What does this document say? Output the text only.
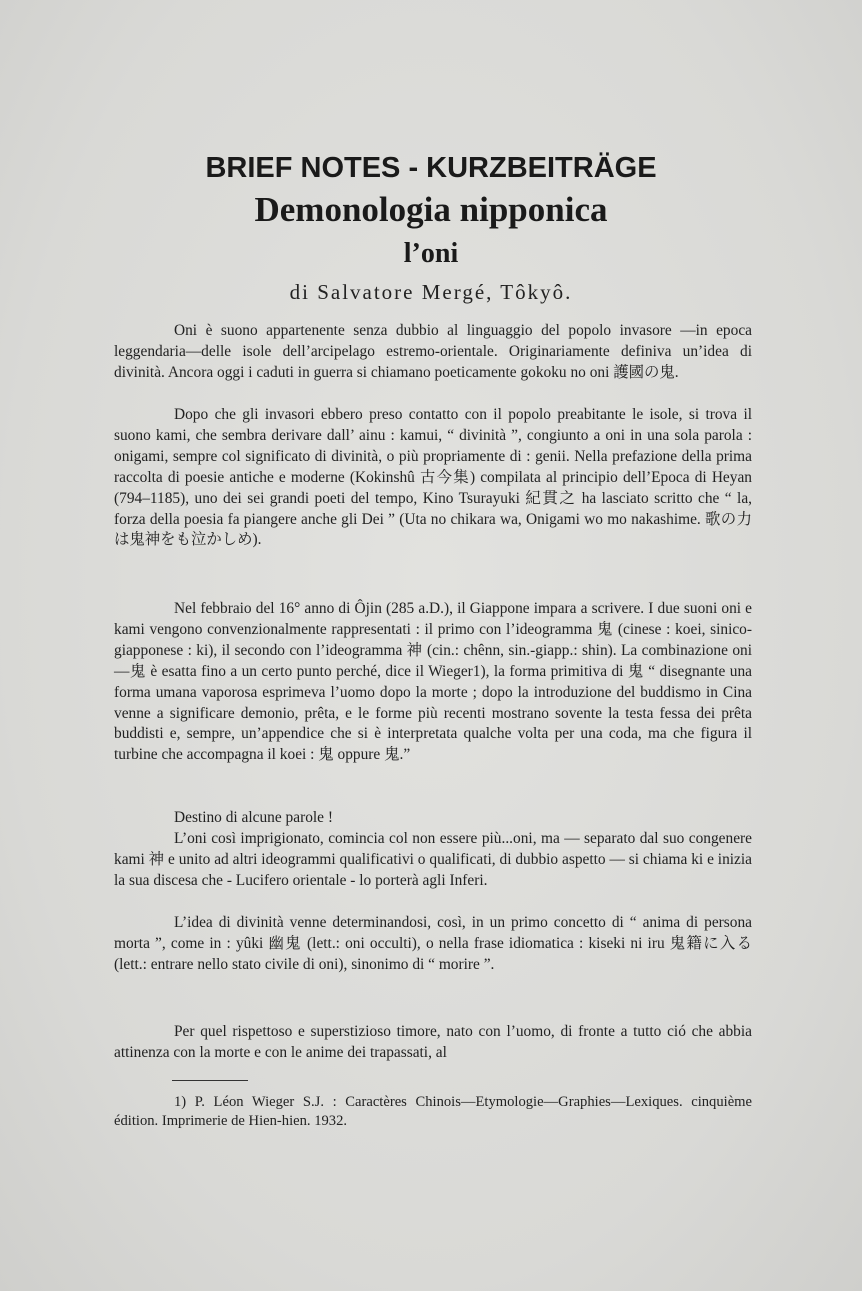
BRIEF NOTES - KURZBEITRÄGE
Demonologia nipponica
l’oni
di Salvatore Mergé, Tôkyô.

Oni è suono appartenente senza dubbio al linguaggio del popolo invasore —in epoca leggendaria—delle isole dell’arcipelago estremo-orientale. Originariamente definiva un’idea di divinità. Ancora oggi i caduti in guerra si chiamano poeticamente gokoku no oni 護國の鬼.

Dopo che gli invasori ebbero preso contatto con il popolo preabitante le isole, si trova il suono kami, che sembra derivare dall’ ainu : kamui, “ divinità ”, congiunto a oni in una sola parola : onigami, sempre col significato di divinità, o più propriamente di : genii. Nella prefazione della prima raccolta di poesie antiche e moderne (Kokinshû 古今集) compilata al principio dell’Epoca di Heyan (794–1185), uno dei sei grandi poeti del tempo, Kino Tsurayuki 紀貫之 ha lasciato scritto che “ la, forza della poesia fa piangere anche gli Dei ” (Uta no chikara wa, Onigami wo mo nakashime. 歌の力は鬼神をも泣かしめ).

Nel febbraio del 16° anno di Ôjin (285 a.D.), il Giappone impara a scrivere. I due suoni oni e kami vengono convenzionalmente rappresentati : il primo con l’ideogramma 鬼 (cinese : koei, sinico-giapponese : ki), il secondo con l’ideogramma 神 (cin.: chênn, sin.-giapp.: shin). La combinazione oni—鬼 è esatta fino a un certo punto perché, dice il Wieger1), la forma primitiva di 鬼 “ disegnante una forma umana vaporosa esprimeva l’uomo dopo la morte ; dopo la introduzione del buddismo in Cina venne a significare demonio, prêta, e le forme più recenti mostrano sovente la testa fessa dei prêta buddisti e, sempre, un’appendice che si è interpretata qualche volta per una coda, ma che figura il turbine che accompagna il koei : 鬼 oppure 鬼.”

Destino di alcune parole !

L’oni così imprigionato, comincia col non essere più...oni, ma — separato dal suo congenere kami 神 e unito ad altri ideogrammi qualificativi o qualificati, di dubbio aspetto — si chiama ki e inizia la sua discesa che - Lucifero orientale - lo porterà agli Inferi.

L’idea di divinità venne determinandosi, così, in un primo concetto di “ anima di persona morta ”, come in : yûki 幽鬼 (lett.: oni occulti), o nella frase idiomatica : kiseki ni iru 鬼籍に入る (lett.: entrare nello stato civile di oni), sinonimo di “ morire ”.

Per quel rispettoso e superstizioso timore, nato con l’uomo, di fronte a tutto ció che abbia attinenza con la morte e con le anime dei trapassati, al

1) P. Léon Wieger S.J. : Caractères Chinois—Etymologie—Graphies—Lexiques. cinquième édition. Imprimerie de Hien-hien. 1932.
